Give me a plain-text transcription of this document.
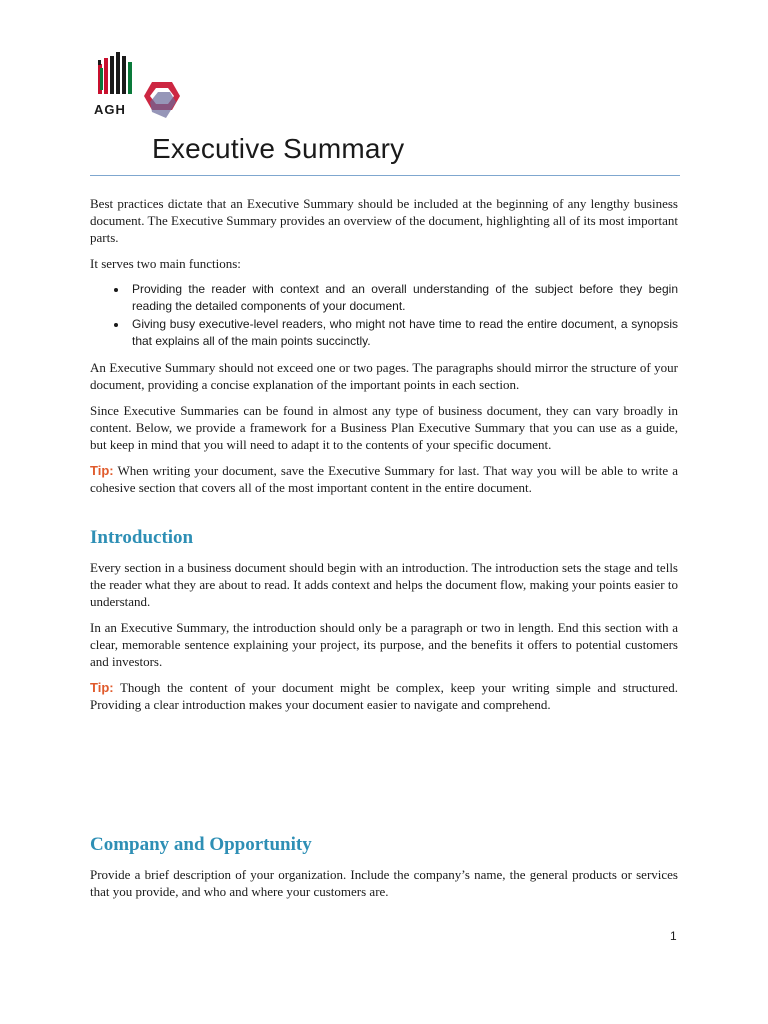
AGH
Executive Summary

Best practices dictate that an Executive Summary should be included at the beginning of any lengthy business document. The Executive Summary provides an overview of the document, highlighting all of its most important parts.

It serves two main functions:

• Providing the reader with context and an overall understanding of the subject before they begin reading the detailed components of your document.
• Giving busy executive-level readers, who might not have time to read the entire document, a synopsis that explains all of the main points succinctly.

An Executive Summary should not exceed one or two pages. The paragraphs should mirror the structure of your document, providing a concise explanation of the important points in each section.

Since Executive Summaries can be found in almost any type of business document, they can vary broadly in content. Below, we provide a framework for a Business Plan Executive Summary that you can use as a guide, but keep in mind that you will need to adapt it to the contents of your specific document.

Tip: When writing your document, save the Executive Summary for last. That way you will be able to write a cohesive section that covers all of the most important content in the entire document.

Introduction

Every section in a business document should begin with an introduction. The introduction sets the stage and tells the reader what they are about to read. It adds context and helps the document flow, making your points easier to understand.

In an Executive Summary, the introduction should only be a paragraph or two in length. End this section with a clear, memorable sentence explaining your project, its purpose, and the benefits it offers to potential customers and investors.

Tip: Though the content of your document might be complex, keep your writing simple and structured. Providing a clear introduction makes your document easier to navigate and comprehend.

Company and Opportunity

Provide a brief description of your organization. Include the company’s name, the general products or services that you provide, and who and where your customers are.

1
